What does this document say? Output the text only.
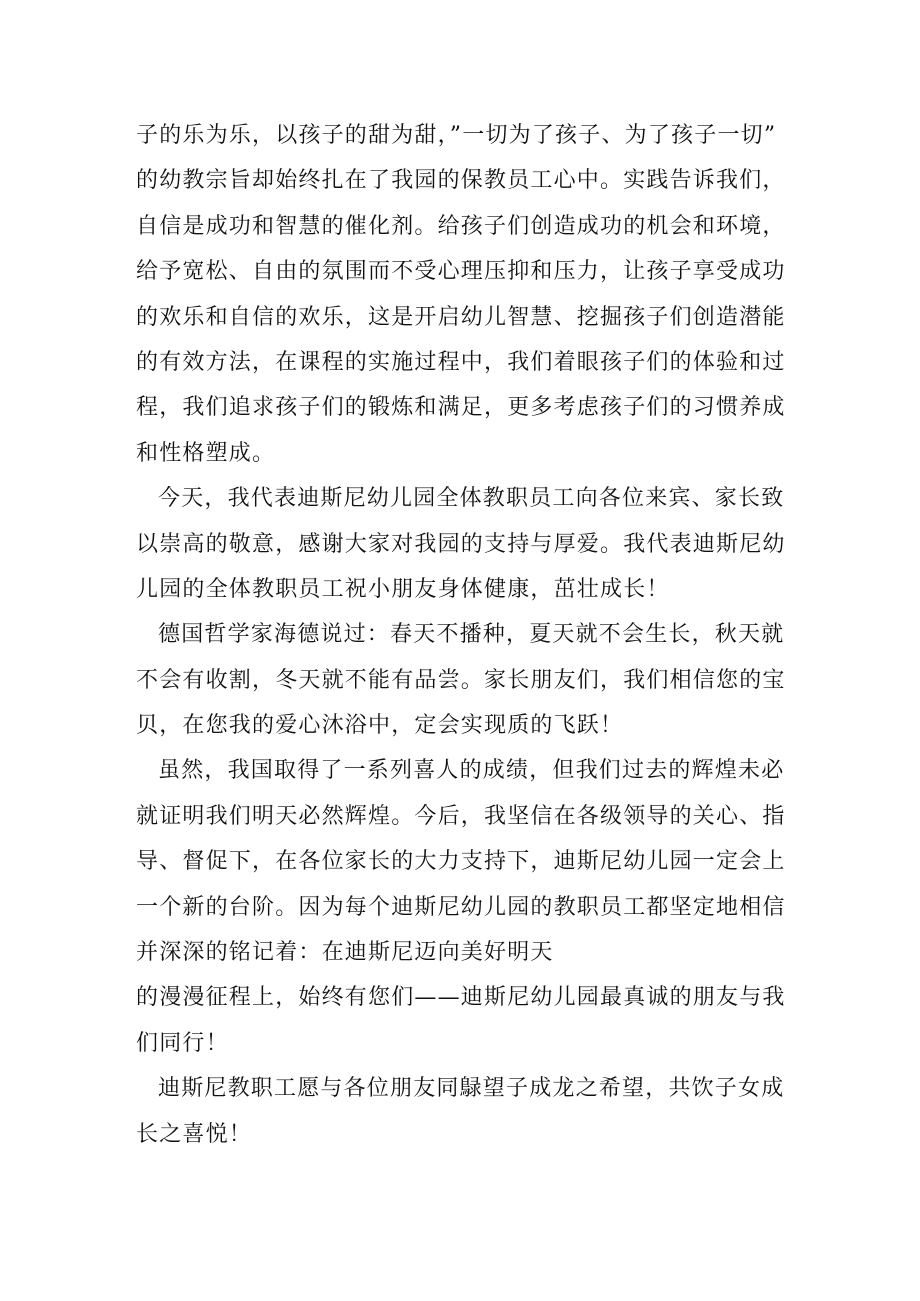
子的乐为乐，以孩子的甜为甜，”一切为了孩子、为了孩子一切”
的幼教宗旨却始终扎在了我园的保教员工心中。实践告诉我们，
自信是成功和智慧的催化剂。给孩子们创造成功的机会和环境，
给予宽松、自由的氛围而不受心理压抑和压力，让孩子享受成功
的欢乐和自信的欢乐，这是开启幼儿智慧、挖掘孩子们创造潜能
的有效方法，在课程的实施过程中，我们着眼孩子们的体验和过
程，我们追求孩子们的锻炼和满足，更多考虑孩子们的习惯养成
和性格塑成。
今天，我代表迪斯尼幼儿园全体教职员工向各位来宾、家长致
以崇高的敬意，感谢大家对我园的支持与厚爱。我代表迪斯尼幼
儿园的全体教职员工祝小朋友身体健康，茁壮成长！
德国哲学家海德说过：春天不播种，夏天就不会生长，秋天就
不会有收割，冬天就不能有品尝。家长朋友们，我们相信您的宝
贝，在您我的爱心沐浴中，定会实现质的飞跃！
虽然，我国取得了一系列喜人的成绩，但我们过去的辉煌未必
就证明我们明天必然辉煌。今后，我坚信在各级领导的关心、指
导、督促下，在各位家长的大力支持下，迪斯尼幼儿园一定会上
一个新的台阶。因为每个迪斯尼幼儿园的教职员工都坚定地相信
并深深的铭记着：在迪斯尼迈向美好明天
的漫漫征程上，始终有您们——迪斯尼幼儿园最真诚的朋友与我
们同行！
迪斯尼教职工愿与各位朋友同鵦望子成龙之希望，共饮子女成
长之喜悦！
